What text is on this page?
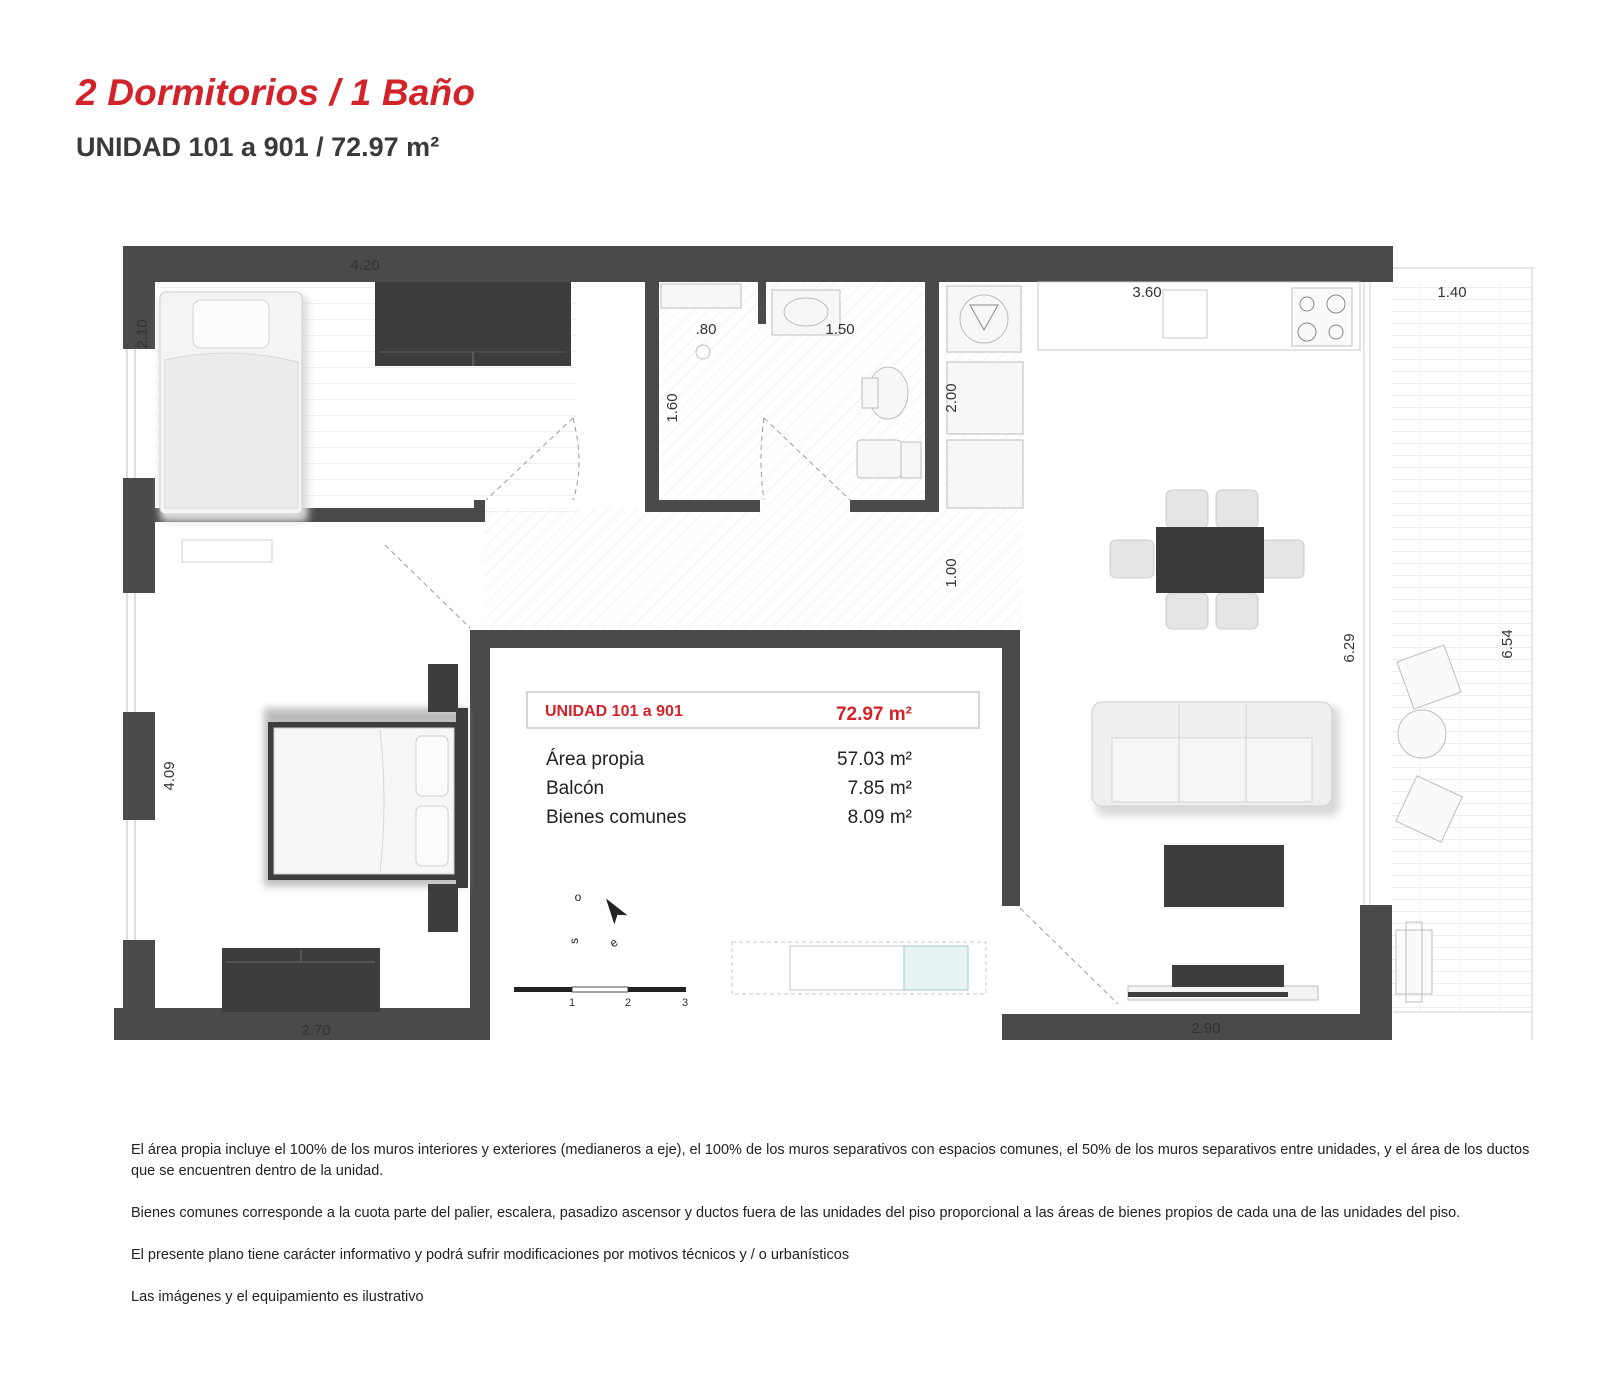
2 Dormitorios / 1 Baño
UNIDAD 101 a 901 / 72.97 m²
4.20
3.60	1.40
2.10	.80	1.50
1.60	2.00
1.00
6.29	6.54
4.09
2.70	2.90
UNIDAD 101 a 901	72.97 m²
Área propia	57.03 m²
Balcón	7.85 m²
Bienes comunes	8.09 m²
o
s e
1	2	3

El área propia incluye el 100% de los muros interiores y exteriores (medianeros a eje), el 100% de los muros separativos con espacios comunes, el 50% de los muros separativos entre unidades, y el área de los ductos que se encuentren dentro de la unidad.

Bienes comunes corresponde a la cuota parte del palier, escalera, pasadizo ascensor y ductos fuera de las unidades del piso proporcional a las áreas de bienes propios de cada una de las unidades del piso.

El presente plano tiene carácter informativo y podrá sufrir modificaciones por motivos técnicos y / o urbanísticos

Las imágenes y el equipamiento es ilustrativo
